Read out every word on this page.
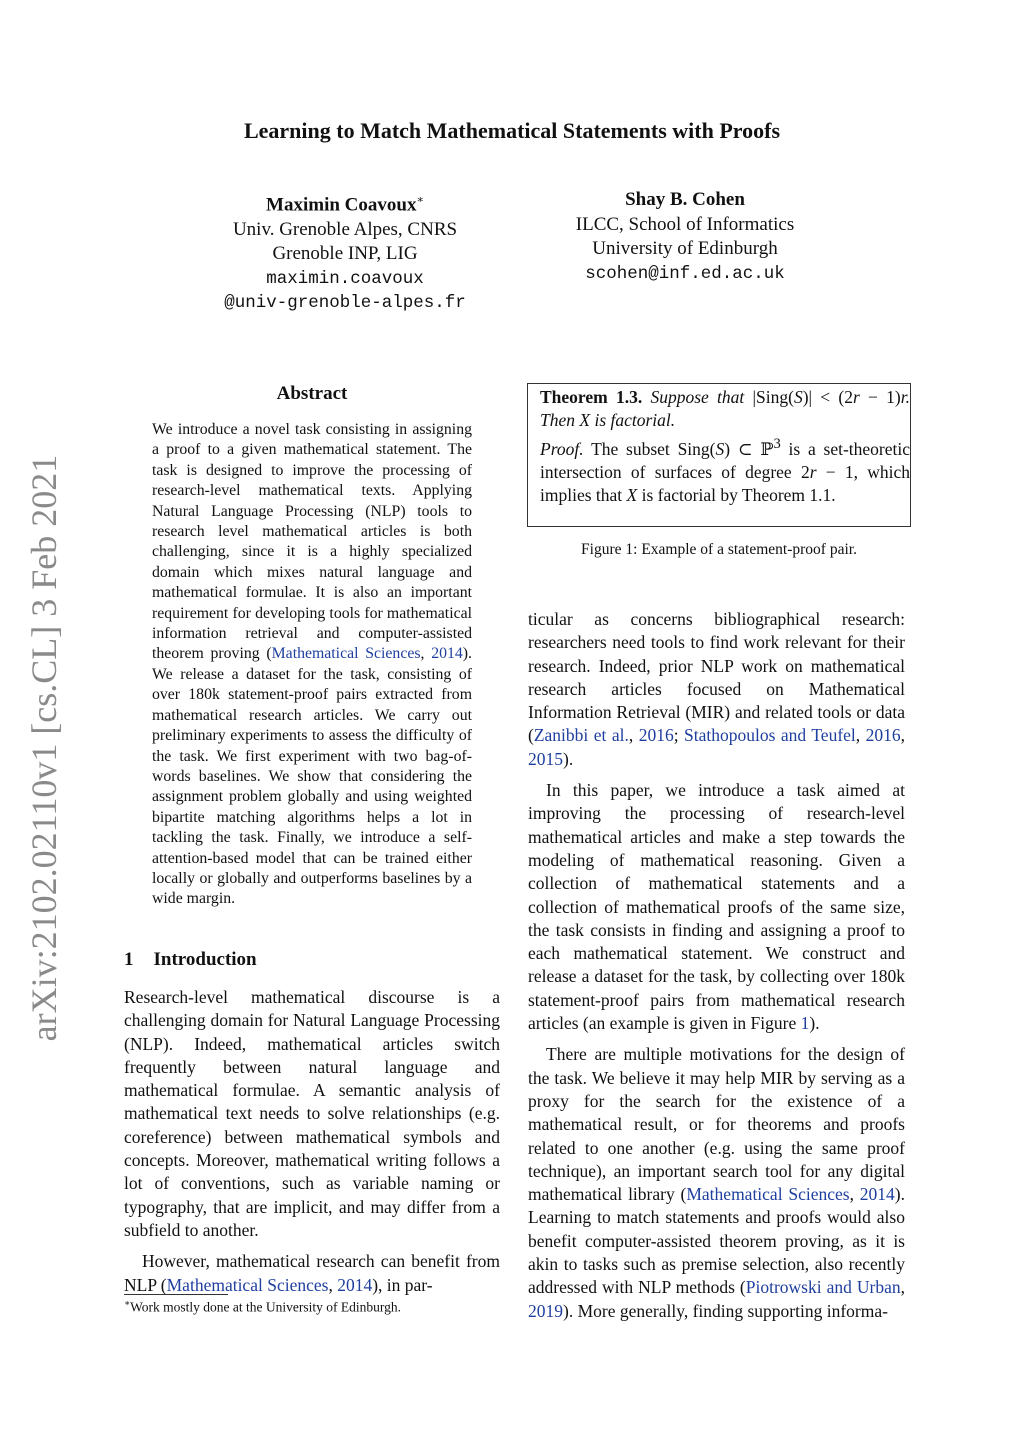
Learning to Match Mathematical Statements with Proofs
Maximin Coavoux∗
Univ. Grenoble Alpes, CNRS
Grenoble INP, LIG
maximin.coavoux
@univ-grenoble-alpes.fr
Shay B. Cohen
ILCC, School of Informatics
University of Edinburgh
scohen@inf.ed.ac.uk
arXiv:2102.02110v1 [cs.CL] 3 Feb 2021
Abstract
We introduce a novel task consisting in assigning a proof to a given mathematical statement. The task is designed to improve the processing of research-level mathematical texts. Applying Natural Language Processing (NLP) tools to research level mathematical articles is both challenging, since it is a highly specialized domain which mixes natural language and mathematical formulae. It is also an important requirement for developing tools for mathematical information retrieval and computer-assisted theorem proving (Mathematical Sciences, 2014). We release a dataset for the task, consisting of over 180k statement-proof pairs extracted from mathematical research articles. We carry out preliminary experiments to assess the difficulty of the task. We first experiment with two bag-of-words baselines. We show that considering the assignment problem globally and using weighted bipartite matching algorithms helps a lot in tackling the task. Finally, we introduce a self-attention-based model that can be trained either locally or globally and outperforms baselines by a wide margin.
1 Introduction

Research-level mathematical discourse is a challenging domain for Natural Language Processing (NLP). Indeed, mathematical articles switch frequently between natural language and mathematical formulae. A semantic analysis of mathematical text needs to solve relationships (e.g. coreference) between mathematical symbols and concepts. Moreover, mathematical writing follows a lot of conventions, such as variable naming or typography, that are implicit, and may differ from a subfield to another.

However, mathematical research can benefit from NLP (Mathematical Sciences, 2014), in par-

∗Work mostly done at the University of Edinburgh.
Theorem 1.3. Suppose that |Sing(S)| < (2r − 1)r. Then X is factorial.
Proof. The subset Sing(S) ⊂ ℙ$^3$ is a set-theoretic intersection of surfaces of degree 2r − 1, which implies that X is factorial by Theorem 1.1.
Figure 1: Example of a statement-proof pair.

ticular as concerns bibliographical research: researchers need tools to find work relevant for their research. Indeed, prior NLP work on mathematical research articles focused on Mathematical Information Retrieval (MIR) and related tools or data (Zanibbi et al., 2016; Stathopoulos and Teufel, 2016, 2015).

In this paper, we introduce a task aimed at improving the processing of research-level mathematical articles and make a step towards the modeling of mathematical reasoning. Given a collection of mathematical statements and a collection of mathematical proofs of the same size, the task consists in finding and assigning a proof to each mathematical statement. We construct and release a dataset for the task, by collecting over 180k statement-proof pairs from mathematical research articles (an example is given in Figure 1).

There are multiple motivations for the design of the task. We believe it may help MIR by serving as a proxy for the search for the existence of a mathematical result, or for theorems and proofs related to one another (e.g. using the same proof technique), an important search tool for any digital mathematical library (Mathematical Sciences, 2014). Learning to match statements and proofs would also benefit computer-assisted theorem proving, as it is akin to tasks such as premise selection, also recently addressed with NLP methods (Piotrowski and Urban, 2019). More generally, finding supporting informa-
